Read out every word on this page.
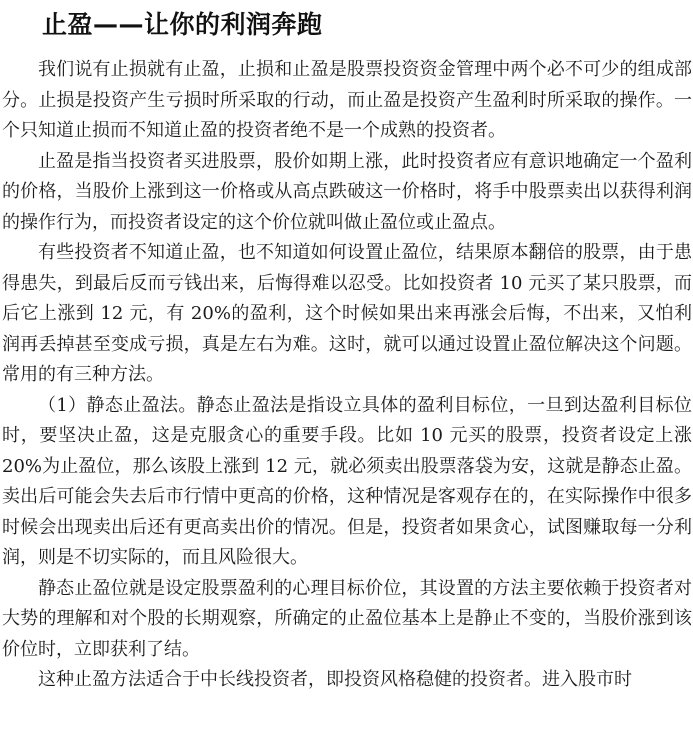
止盈——让你的利润奔跑

我们说有止损就有止盈，止损和止盈是股票投资资金管理中两个必不可少的组成部分。止损是投资产生亏损时所采取的行动，而止盈是投资产生盈利时所采取的操作。一个只知道止损而不知道止盈的投资者绝不是一个成熟的投资者。

止盈是指当投资者买进股票，股价如期上涨，此时投资者应有意识地确定一个盈利的价格，当股价上涨到这一价格或从高点跌破这一价格时，将手中股票卖出以获得利润的操作行为，而投资者设定的这个价位就叫做止盈位或止盈点。

有些投资者不知道止盈，也不知道如何设置止盈位，结果原本翻倍的股票，由于患得患失，到最后反而亏钱出来，后悔得难以忍受。比如投资者 10 元买了某只股票，而后它上涨到 12 元，有 20%的盈利，这个时候如果出来再涨会后悔，不出来，又怕利润再丢掉甚至变成亏损，真是左右为难。这时，就可以通过设置止盈位解决这个问题。常用的有三种方法。

（1）静态止盈法。静态止盈法是指设立具体的盈利目标位，一旦到达盈利目标位时，要坚决止盈，这是克服贪心的重要手段。比如 10 元买的股票，投资者设定上涨 20%为止盈位，那么该股上涨到 12 元，就必须卖出股票落袋为安，这就是静态止盈。卖出后可能会失去后市行情中更高的价格，这种情况是客观存在的，在实际操作中很多时候会出现卖出后还有更高卖出价的情况。但是，投资者如果贪心，试图赚取每一分利润，则是不切实际的，而且风险很大。

静态止盈位就是设定股票盈利的心理目标价位，其设置的方法主要依赖于投资者对大势的理解和对个股的长期观察，所确定的止盈位基本上是静止不变的，当股价涨到该价位时，立即获利了结。

这种止盈方法适合于中长线投资者，即投资风格稳健的投资者。进入股市时
